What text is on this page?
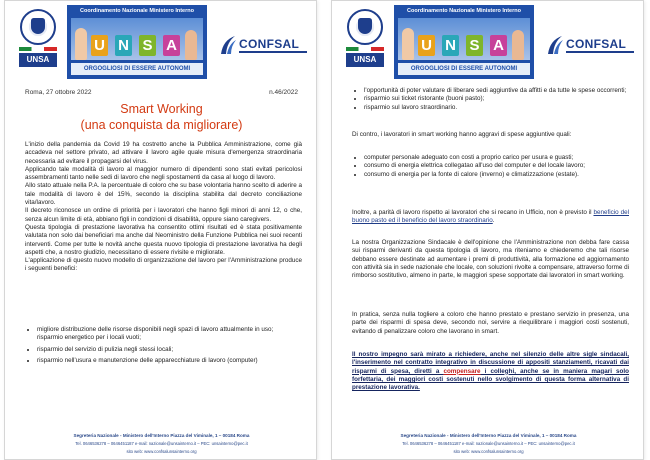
UNSA
Coordinamento Nazionale Ministero Interno
U N S A
ORGOGLIOSI DI ESSERE AUTONOMI
CONFSAL
Roma, 27 ottobre 2022	n.46/2022
Smart Working
(una conquista da migliorare)

L'inizio della pandemia da Covid 19 ha costretto anche la Pubblica Amministrazione, come già accadeva nel settore privato, ad attivare il lavoro agile quale misura d'emergenza straordinaria necessaria ad evitare il propagarsi del virus.

Applicando tale modalità di lavoro al maggior numero di dipendenti sono stati evitati pericolosi assembramenti tanto nelle sedi di lavoro che negli spostamenti da casa al luogo di lavoro.

Allo stato attuale nella P.A. la percentuale di coloro che su base volontaria hanno scelto di aderire a tale modalità di lavoro è del 15%, secondo la disciplina stabilita dal decreto conciliazione vita/lavoro.

Il decreto riconosce un ordine di priorità per i lavoratori che hanno figli minori di anni 12, o che, senza alcun limite di età, abbiano figli in condizioni di disabilità, oppure siano caregivers.

Questa tipologia di prestazione lavorativa ha consentito ottimi risultati ed è stata positivamente valutata non solo dai beneficiari ma anche dal Neoministro della Funzione Pubblica nei suoi recenti interventi. Come per tutte le novità anche questa nuovo tipologia di prestazione lavorativa ha degli aspetti che, a nostro giudizio, necessitano di essere rivisite e migliorate.

L'applicazione di questo nuovo modello di organizzazione del lavoro per l'Amministrazione produce i seguenti benefici:

• migliore distribuzione delle risorse disponibili negli spazi di lavoro attualmente in uso;
risparmio energetico per i locali vuoti;
• risparmio del servizio di pulizia negli stessi locali;
• risparmio nell'usura e manutenzione delle apparecchiature di lavoro (computer)
Segreteria Nazionale - Ministero dell'Interno Piazza del Viminale, 1 – 00184 Roma
Tel. 0646536278 – 0646451187 e-mail: nazionale@unsainterno.it – PEC: unsainterno@pec.it
sito web: www.confsalunsainterno.org
UNSA
Coordinamento Nazionale Ministero Interno
U N S A
ORGOGLIOSI DI ESSERE AUTONOMI
CONFSAL
• l'opportunità di poter valutare di liberare sedi aggiuntive da affitti e da tutte le spese occorrenti;
• risparmio sui ticket ristorante (buoni pasto);
• risparmio sul lavoro straordinario.
Di contro, i lavoratori in smart working hanno aggravi di spese aggiuntive quali:
• computer personale adeguato con costi a proprio carico per usura e guasti;
• consumo di energia elettrica collegatao all'uso del computer e del locale lavoro;
• consumo di energia per la fonte di calore (inverno) e climatizzazione (estate).
Inoltre, a parità di lavoro rispetto ai lavoratori che si recano in Ufficio, non è previsto il beneficio del buono pasto ed il beneficio del lavoro straordinario.
La nostra Organizzazione Sindacale è dell'opinione che l'Amministrazione non debba fare cassa sui risparmi derivanti da questa tipologia di lavoro, ma riteniamo e chiederemo che tali risorse debbano essere destinate ad aumentare i premi di produttività, alla formazione ed aggiornamento con attività sia in sede nazionale che locale, con soluzioni rivolte a compensare, attraverso forme di rimborso sostitutivo, almeno in parte, le maggiori spese sopportate dai lavoratori in smart working.
In pratica, senza nulla togliere a coloro che hanno prestato e prestano servizio in presenza, una parte dei risparmi di spesa deve, secondo noi, servire a riequilibrare i maggiori costi sostenuti, evitando di penalizzare coloro che lavorano in smart.
Il nostro impegno sarà mirato a richiedere, anche nel silenzio delle altre sigle sindacali, l'inserimento nel contratto integrativo in discussione di appositi stanziamenti, ricavati dai risparmi di spesa, diretti a compensare i colleghi, anche se in maniera magari solo forfettaria, dei maggiori costi sostenuti nello svolgimento di questa forma alternativa di prestazione lavorativa.
Segreteria Nazionale - Ministero dell'Interno Piazza del Viminale, 1 – 00184 Roma
Tel. 0646536278 – 0646451187 e-mail: nazionale@unsainterno.it – PEC: unsainterno@pec.it
sito web: www.confsalunsainterno.org
